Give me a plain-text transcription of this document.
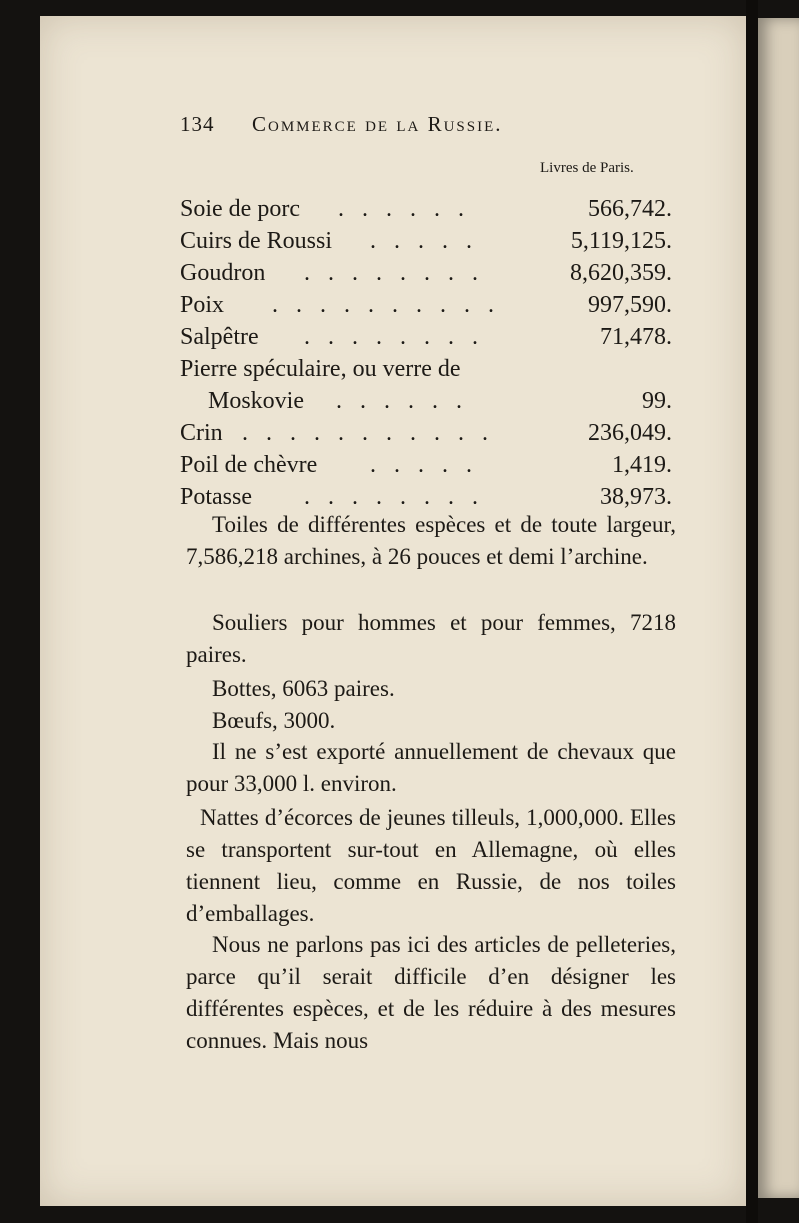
134 Commerce de la Russie.
Livres de Paris.
Soie de porc . . . . . .	566,742.
Cuirs de Roussi . . . . .	5,119,125.
Goudron . . . . . . . .	8,620,359.
Poix . . . . . . . . . .	997,590.
Salpêtre . . . . . . . .	71,478.
Pierre spéculaire, ou verre de
Moskovie . . . . . .	99.
Crin . . . . . . . . . . .	236,049.
Poil de chèvre . . . . .	1,419.
Potasse . . . . . . . .	38,973.
Toiles de différentes espèces et de toute largeur, 7,586,218 archines, à 26 pouces et demi l’archine.
Souliers pour hommes et pour femmes, 7218 paires.
Bottes, 6063 paires.
Bœufs, 3000.
Il ne s’est exporté annuellement de chevaux que pour 33,000 l. environ.
Nattes d’écorces de jeunes tilleuls, 1,000,000. Elles se transportent sur-tout en Allemagne, où elles tiennent lieu, comme en Russie, de nos toiles d’emballages.
Nous ne parlons pas ici des articles de pelleteries, parce qu’il serait difficile d’en désigner les différentes espèces, et de les réduire à des mesures connues. Mais nous
